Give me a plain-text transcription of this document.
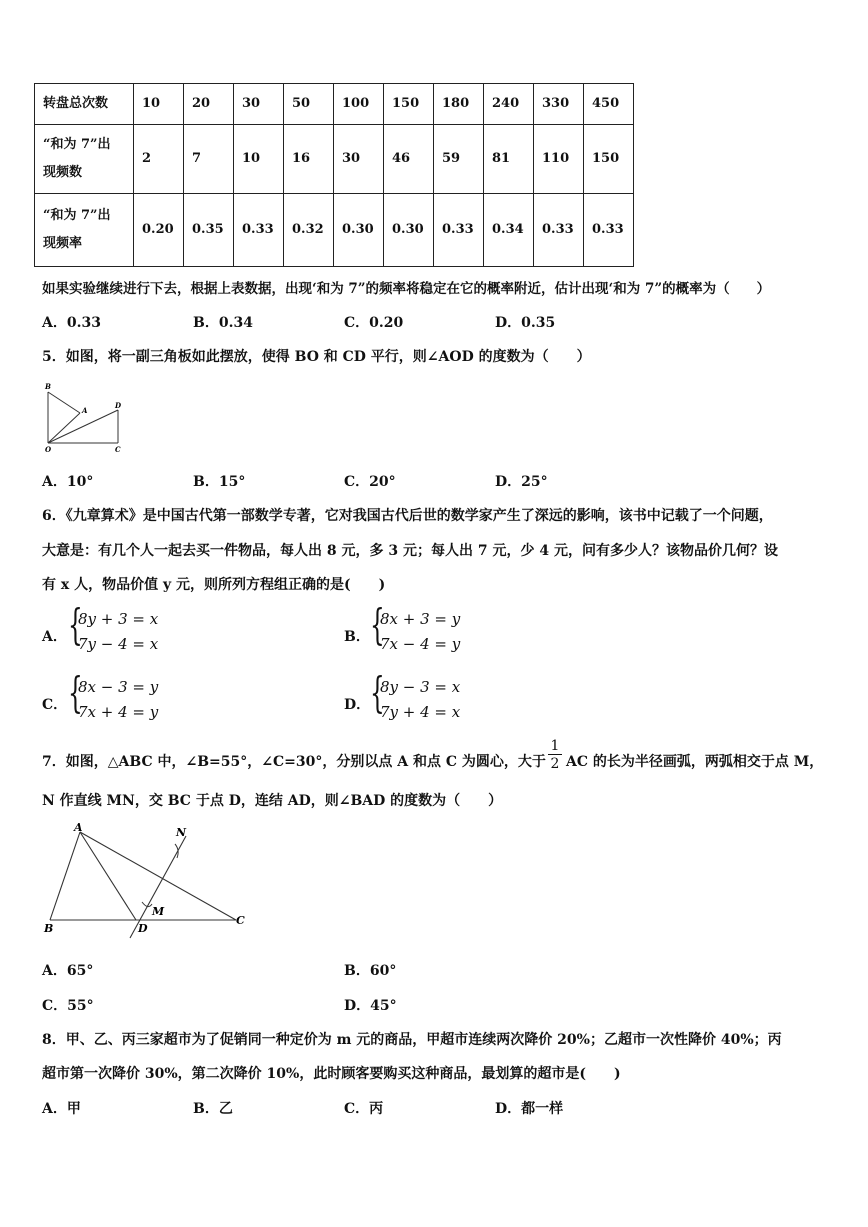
转盘总次数	10	20	30	50	100	150	180	240	330	450
“和为 7”出
现频数	2	7	10	16	30	46	59	81	110	150
“和为 7”出
现频率	0.20	0.35	0.33	0.32	0.30	0.30	0.33	0.34	0.33	0.33
如果实验继续进行下去，根据上表数据，出现‘和为 7”的频率将稳定在它的概率附近，估计出现‘和为 7”的概率为（　　）
A．0.33	B．0.34	C．0.20	D．0.35
5．如图，将一副三角板如此摆放，使得 BO 和 CD 平行，则∠AOD 的度数为（　　）
B
A
D
O	C
A．10°	B．15°	C．20°	D．25°
6．《九章算术》是中国古代第一部数学专著，它对我国古代后世的数学家产生了深远的影响，该书中记载了一个问题，
大意是：有几个人一起去买一件物品，每人出 8 元，多 3 元；每人出 7 元，少 4 元，问有多少人？该物品价几何？设
有 x 人，物品价值 y 元，则所列方程组正确的是(　　)
A． {
8y + 3 = x
7y − 4 = x	B． {
8x + 3 = y
7x − 4 = y
C． {
8x − 3 = y
7x + 4 = y	D． {
8y − 3 = x
7y + 4 = x
7．如图，△ABC 中，∠B=55°，∠C=30°，分别以点 A 和点 C 为圆心，大于 $\frac{1}{2}$ AC 的长为半径画弧，两弧相交于点 M，
N 作直线 MN，交 BC 于点 D，连结 AD，则∠BAD 的度数为（　　）
A	N
M
B	D
C
A．65°	B．60°
C．55°	D．45°
8．甲、乙、丙三家超市为了促销同一种定价为 m 元的商品，甲超市连续两次降价 20%；乙超市一次性降价 40%；丙
超市第一次降价 30%，第二次降价 10%，此时顾客要购买这种商品，最划算的超市是(　　)
A．甲	B．乙	C．丙	D．都一样
